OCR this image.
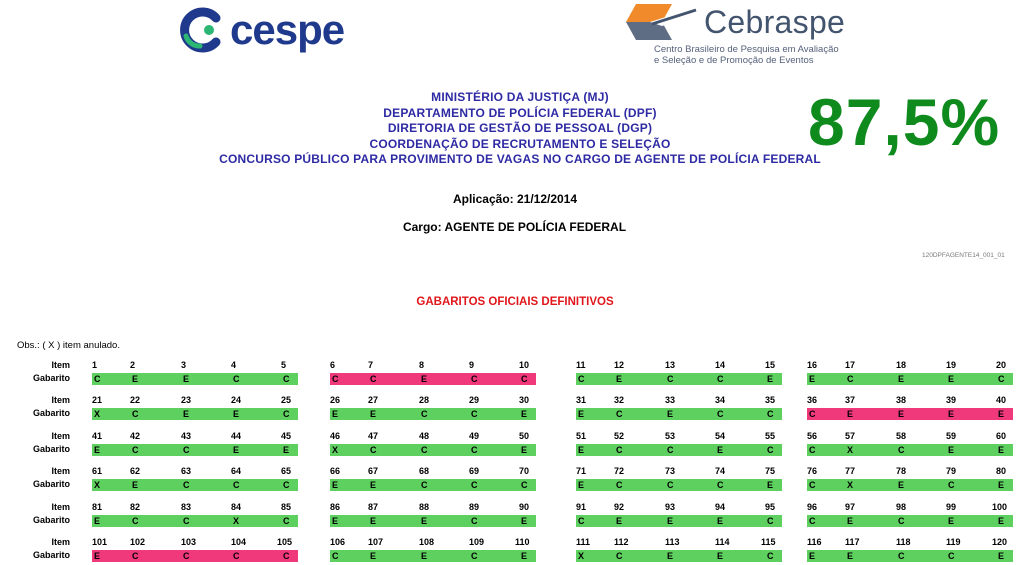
cespe	Cebraspe
Centro Brasileiro de Pesquisa em Avaliação
e Seleção e de Promoção de Eventos
MINISTÉRIO DA JUSTIÇA (MJ)
DEPARTAMENTO DE POLÍCIA FEDERAL (DPF)
DIRETORIA DE GESTÃO DE PESSOAL (DGP)
COORDENAÇÃO DE RECRUTAMENTO E SELEÇÃO
CONCURSO PÚBLICO PARA PROVIMENTO DE VAGAS NO CARGO DE AGENTE DE POLÍCIA FEDERAL
87,5%
Aplicação: 21/12/2014
Cargo: AGENTE DE POLÍCIA FEDERAL
120DPFAGENTE14_001_01
GABARITOS OFICIAIS DEFINITIVOS
Obs.: ( X ) item anulado.
Item
Gabarito
1	2	3	4	5
C	E	E	C	C
6	7	8	9	10
C	C	E	C	C
11	12	13	14	15
C	E	C	C	E
16	17	18	19	20
E	C	E	E	C
Item
Gabarito
21	22	23	24	25
X	C	E	E	C
26	27	28	29	30
E	E	C	C	E
31	32	33	34	35
E	C	E	C	C
36	37	38	39	40
C	E	E	E	E
Item
Gabarito
41	42	43	44	45
E	C	C	E	E
46	47	48	49	50
X	C	C	C	E
51	52	53	54	55
E	C	C	E	C
56	57	58	59	60
C	X	C	E	E
Item
Gabarito
61	62	63	64	65
X	E	C	C	C
66	67	68	69	70
E	E	C	C	C
71	72	73	74	75
E	C	C	C	E
76	77	78	79	80
C	X	E	C	E
Item
Gabarito
81	82	83	84	85
E	C	C	X	C
86	87	88	89	90
E	E	E	C	E
91	92	93	94	95
C	E	E	E	C
96	97	98	99	100
C	E	C	E	E
Item
Gabarito
101	102	103	104	105
E	C	C	C	C
106	107	108	109	110
C	E	E	C	E
111	112	113	114	115
X	C	E	E	C
116	117	118	119	120
E	E	C	C	E
